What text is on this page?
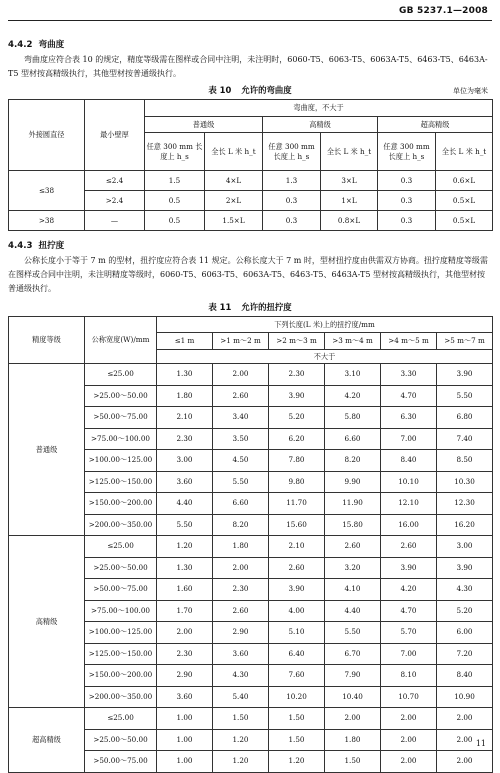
GB 5237.1—2008
4.4.2 弯曲度
弯曲度应符合表 10 的规定，精度等级需在图样或合同中注明，未注明时，6060-T5、6063-T5、6063A-T5、6463-T5、6463A-T5 型材按高精级执行，其他型材按普通级执行。
表 10 允许的弯曲度	单位为毫米
外接圆直径	最小壁厚	弯曲度，不大于					
		普通级		高精级		超高精级	
		任意 300 mm 长度上 h_s	全长 L 米 h_t	任意 300 mm 长度上 h_s	全长 L 米 h_t	任意 300 mm 长度上 h_s	全长 L 米 h_t
≤38	≤2.4	1.5	4×L	1.3	3×L	0.3	0.6×L
	>2.4	0.5	2×L	0.3	1×L	0.3	0.5×L
>38	—	0.5	1.5×L	0.3	0.8×L	0.3	0.5×L
4.4.3 扭拧度
公称长度小于等于 7 m 的型材，扭拧度应符合表 11 规定。公称长度大于 7 m 时，型材扭拧度由供需双方协商。扭拧度精度等级需在图样或合同中注明，未注明精度等级时，6060-T5、6063-T5、6063A-T5、6463-T5、6463A-T5 型材按高精级执行，其他型材按普通级执行。
表 11 允许的扭拧度
精度等级	公称宽度(W)/mm	下列长度(L 米)上的扭拧度/mm					
		≤1 m	>1 m～2 m	>2 m～3 m	>3 m～4 m	>4 m～5 m	>5 m～7 m
		不大于					
普通级	≤25.00	1.30	2.00	2.30	3.10	3.30	3.90
	>25.00～50.00	1.80	2.60	3.90	4.20	4.70	5.50
	>50.00～75.00	2.10	3.40	5.20	5.80	6.30	6.80
	>75.00～100.00	2.30	3.50	6.20	6.60	7.00	7.40
	>100.00～125.00	3.00	4.50	7.80	8.20	8.40	8.50
	>125.00～150.00	3.60	5.50	9.80	9.90	10.10	10.30
	>150.00～200.00	4.40	6.60	11.70	11.90	12.10	12.30
	>200.00～350.00	5.50	8.20	15.60	15.80	16.00	16.20
高精级	≤25.00	1.20	1.80	2.10	2.60	2.60	3.00
	>25.00～50.00	1.30	2.00	2.60	3.20	3.90	3.90
	>50.00～75.00	1.60	2.30	3.90	4.10	4.20	4.30
	>75.00～100.00	1.70	2.60	4.00	4.40	4.70	5.20
	>100.00～125.00	2.00	2.90	5.10	5.50	5.70	6.00
	>125.00～150.00	2.30	3.60	6.40	6.70	7.00	7.20
	>150.00～200.00	2.90	4.30	7.60	7.90	8.10	8.40
	>200.00～350.00	3.60	5.40	10.20	10.40	10.70	10.90
超高精级	≤25.00	1.00	1.50	1.50	2.00	2.00	2.00
	>25.00～50.00	1.00	1.20	1.50	1.80	2.00	2.00
	>50.00～75.00	1.00	1.20	1.20	1.50	2.00	2.00
11
